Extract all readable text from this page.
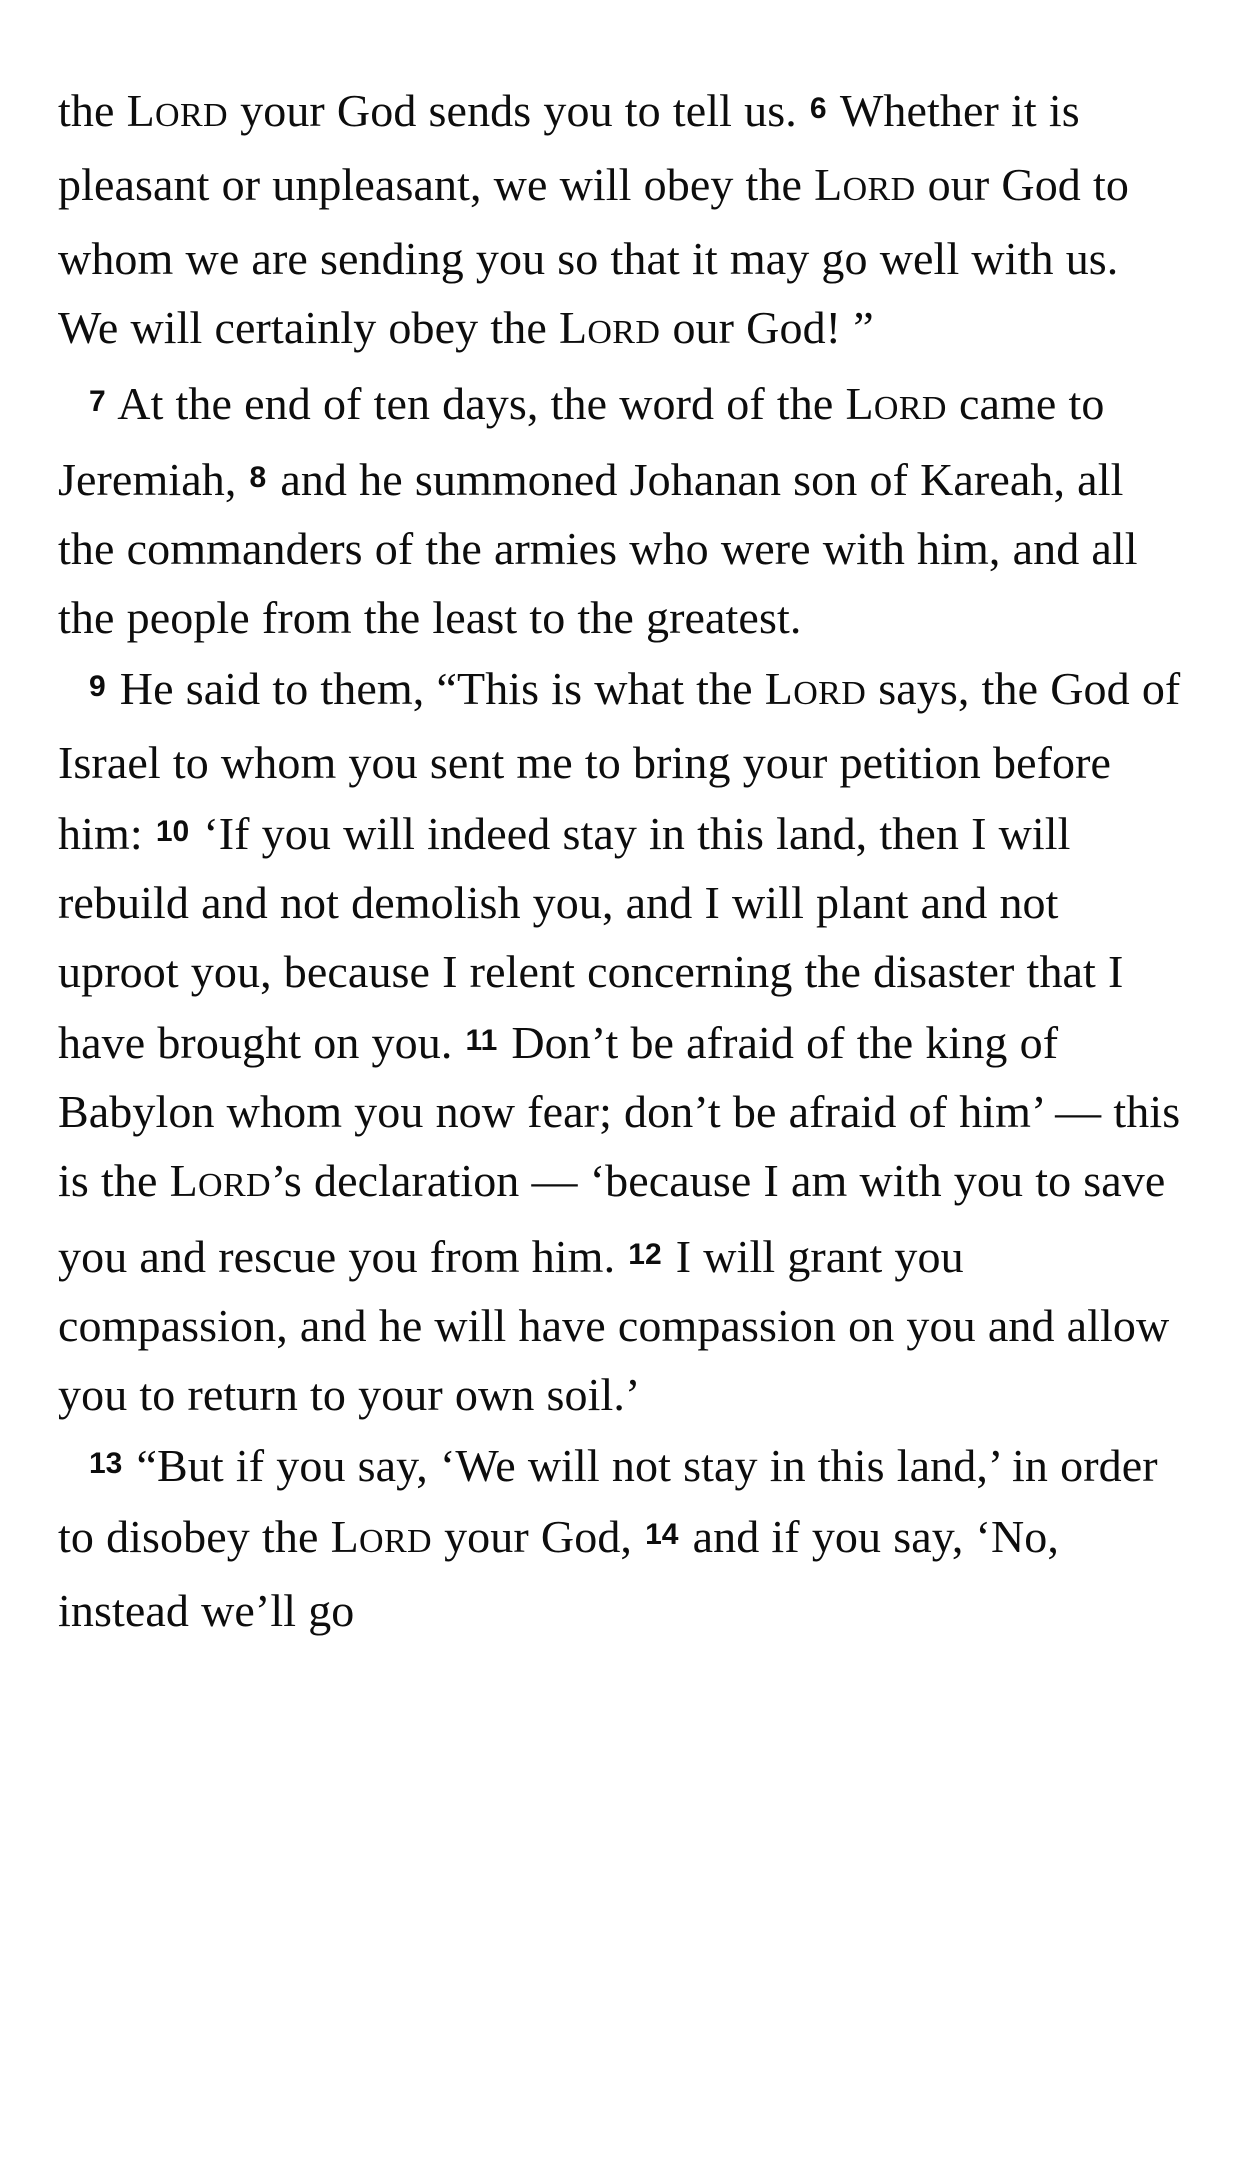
the LORD your God sends you to tell us. $^6$ Whether it is pleasant or unpleasant, we will obey the LORD our God to whom we are sending you so that it may go well with us. We will certainly obey the LORD our God! ”
$^7$ At the end of ten days, the word of the LORD came to Jeremiah, $^8$ and he summoned Johanan son of Kareah, all the commanders of the armies who were with him, and all the people from the least to the greatest.
$^9$ He said to them, “This is what the LORD says, the God of Israel to whom you sent me to bring your petition before him: $^{10}$ ‘If you will indeed stay in this land, then I will rebuild and not demolish you, and I will plant and not uproot you, because I relent concerning the disaster that I have brought on you. $^{11}$ Don’t be afraid of the king of Babylon whom you now fear; don’t be afraid of him’ — this is the LORD’s declaration — ‘because I am with you to save you and rescue you from him. $^{12}$ I will grant you compassion, and he will have compassion on you and allow you to return to your own soil.’
$^{13}$ “But if you say, ‘We will not stay in this land,’ in order to disobey the LORD your God, $^{14}$ and if you say, ‘No, instead we’ll go
